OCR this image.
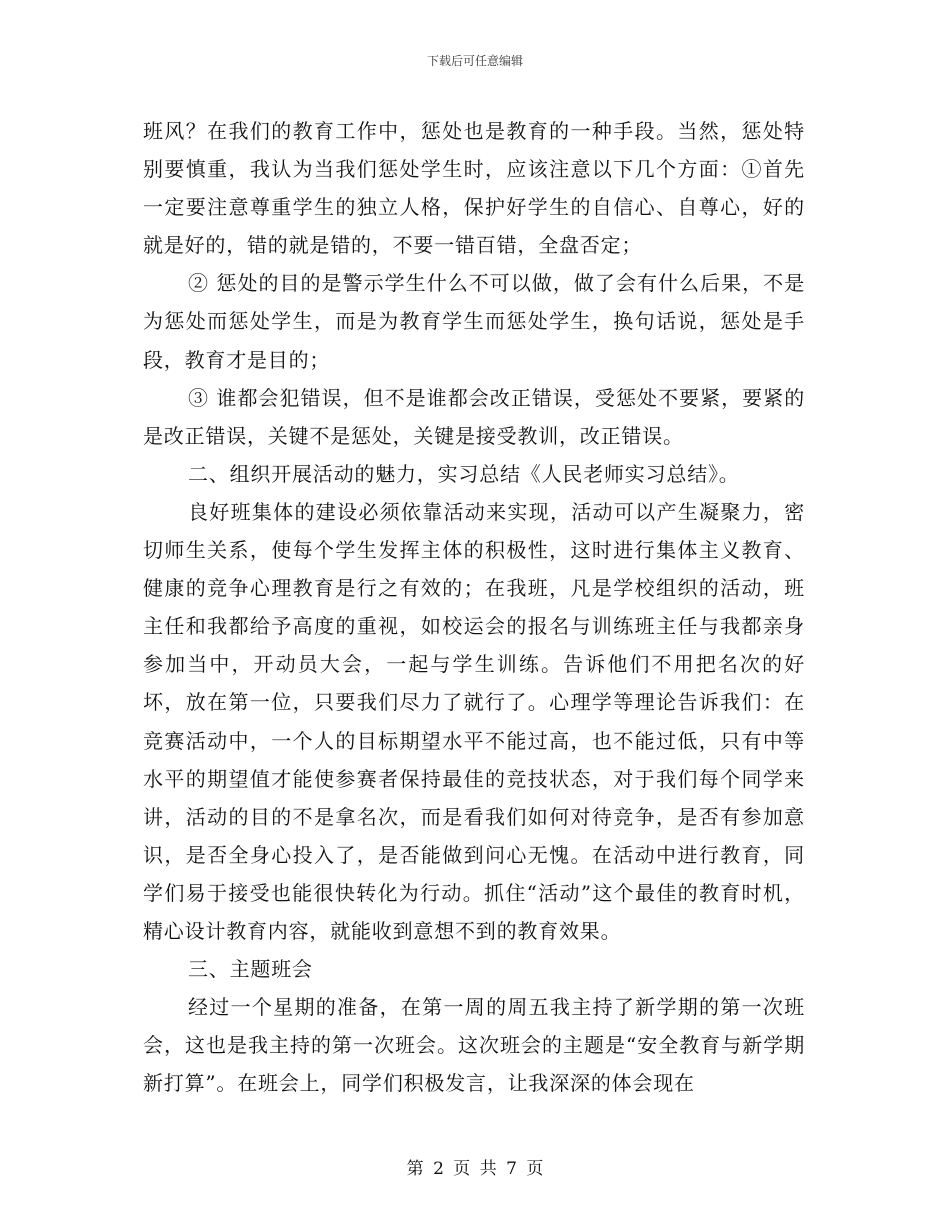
下载后可任意编辑

班风？在我们的教育工作中，惩处也是教育的一种手段。当然，惩处特别要慎重，我认为当我们惩处学生时，应该注意以下几个方面：①首先一定要注意尊重学生的独立人格，保护好学生的自信心、自尊心，好的就是好的，错的就是错的，不要一错百错，全盘否定；

② 惩处的目的是警示学生什么不可以做，做了会有什么后果，不是为惩处而惩处学生，而是为教育学生而惩处学生，换句话说，惩处是手段，教育才是目的；

③ 谁都会犯错误，但不是谁都会改正错误，受惩处不要紧，要紧的是改正错误，关键不是惩处，关键是接受教训，改正错误。

二、组织开展活动的魅力，实习总结《人民老师实习总结》。

良好班集体的建设必须依靠活动来实现，活动可以产生凝聚力，密切师生关系，使每个学生发挥主体的积极性，这时进行集体主义教育、健康的竞争心理教育是行之有效的；在我班，凡是学校组织的活动，班主任和我都给予高度的重视，如校运会的报名与训练班主任与我都亲身参加当中，开动员大会，一起与学生训练。告诉他们不用把名次的好坏，放在第一位，只要我们尽力了就行了。心理学等理论告诉我们：在竞赛活动中，一个人的目标期望水平不能过高，也不能过低，只有中等水平的期望值才能使参赛者保持最佳的竞技状态，对于我们每个同学来讲，活动的目的不是拿名次，而是看我们如何对待竞争，是否有参加意识，是否全身心投入了，是否能做到问心无愧。在活动中进行教育，同学们易于接受也能很快转化为行动。抓住“活动”这个最佳的教育时机，精心设计教育内容，就能收到意想不到的教育效果。

三、主题班会

经过一个星期的准备，在第一周的周五我主持了新学期的第一次班会，这也是我主持的第一次班会。这次班会的主题是“安全教育与新学期新打算”。在班会上，同学们积极发言，让我深深的体会现在

第 2 页 共 7 页
